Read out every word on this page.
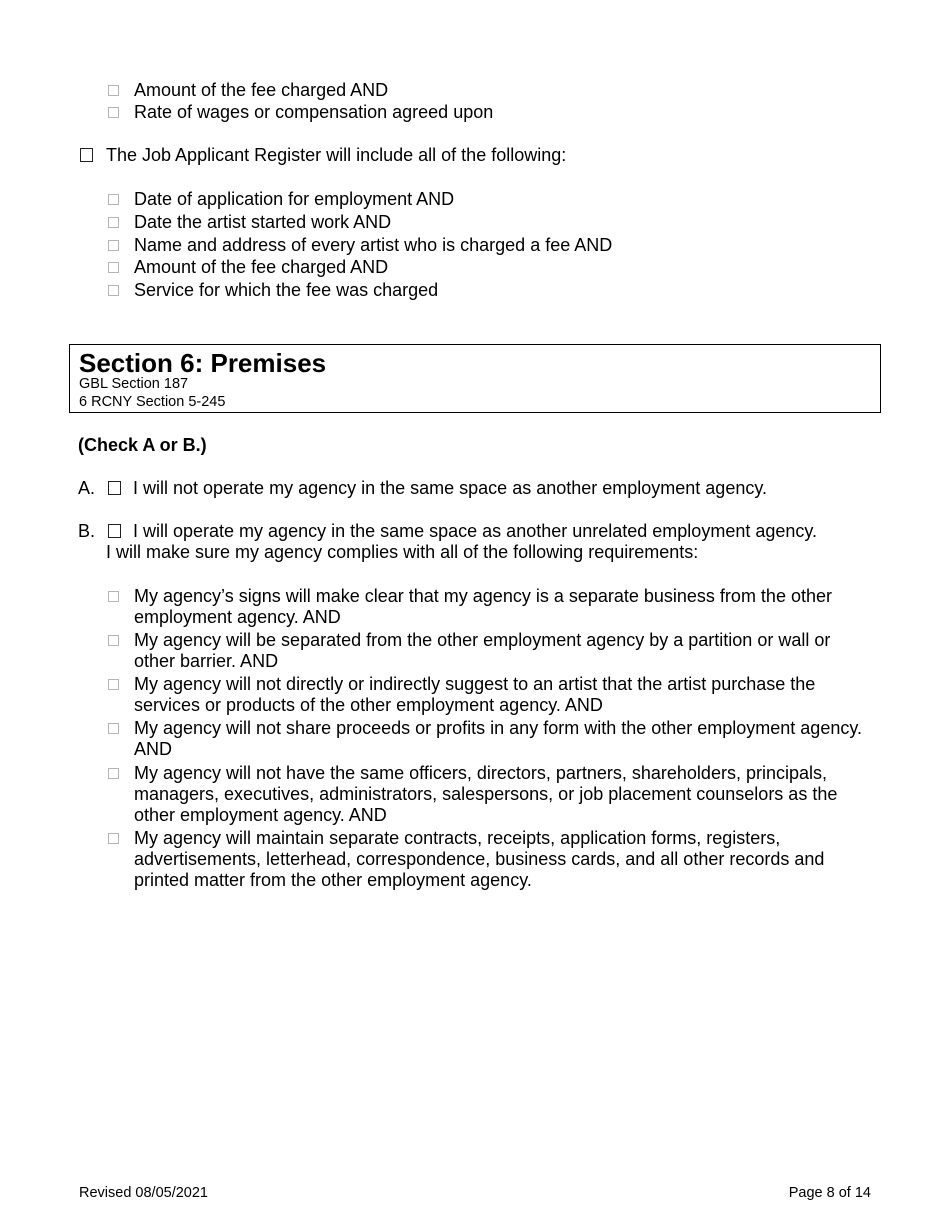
Amount of the fee charged AND
Rate of wages or compensation agreed upon
The Job Applicant Register will include all of the following:
Date of application for employment AND
Date the artist started work AND
Name and address of every artist who is charged a fee AND
Amount of the fee charged AND
Service for which the fee was charged
Section 6: Premises
GBL Section 187
6 RCNY Section 5-245
(Check A or B.)
A. I will not operate my agency in the same space as another employment agency.
B. I will operate my agency in the same space as another unrelated employment agency.
I will make sure my agency complies with all of the following requirements:
My agency’s signs will make clear that my agency is a separate business from the other employment agency. AND
My agency will be separated from the other employment agency by a partition or wall or other barrier. AND
My agency will not directly or indirectly suggest to an artist that the artist purchase the services or products of the other employment agency. AND
My agency will not share proceeds or profits in any form with the other employment agency. AND
My agency will not have the same officers, directors, partners, shareholders, principals, managers, executives, administrators, salespersons, or job placement counselors as the other employment agency. AND
My agency will maintain separate contracts, receipts, application forms, registers, advertisements, letterhead, correspondence, business cards, and all other records and printed matter from the other employment agency.
Revised 08/05/2021	Page 8 of 14
